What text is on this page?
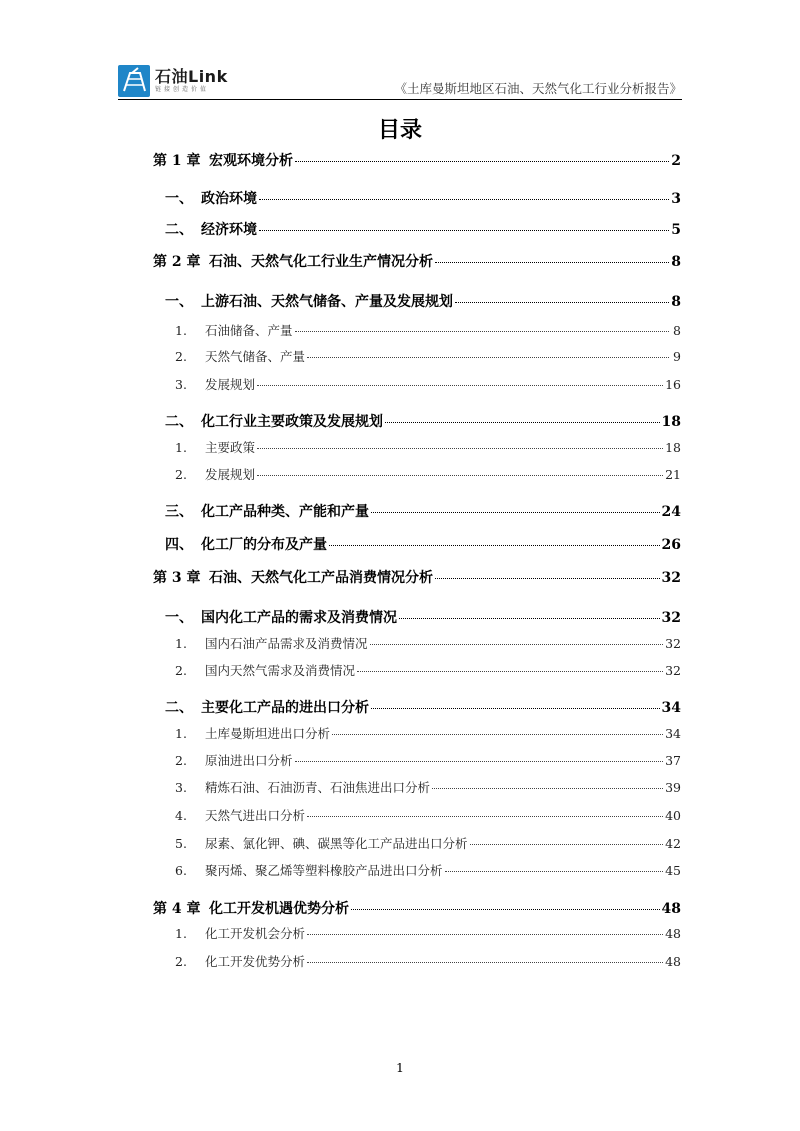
石油Link
链接创造价值	《土库曼斯坦地区石油、天然气化工行业分析报告》
目录
第 1 章 宏观环境分析	2
一、 政治环境	3
二、 经济环境	5
第 2 章 石油、天然气化工行业生产情况分析	8
一、 上游石油、天然气储备、产量及发展规划	8
1.	石油储备、产量	8
2.	天然气储备、产量	9
3.	发展规划	16
二、 化工行业主要政策及发展规划	18
1.	主要政策	18
2.	发展规划	21
三、 化工产品种类、产能和产量	24
四、 化工厂的分布及产量	26
第 3 章 石油、天然气化工产品消费情况分析	32
一、 国内化工产品的需求及消费情况	32
1.	国内石油产品需求及消费情况	32
2.	国内天然气需求及消费情况	32
二、 主要化工产品的进出口分析	34
1.	土库曼斯坦进出口分析	34
2.	原油进出口分析	37
3.	精炼石油、石油沥青、石油焦进出口分析	39
4.	天然气进出口分析	40
5.	尿素、氯化钾、碘、碳黑等化工产品进出口分析	42
6.	聚丙烯、聚乙烯等塑料橡胶产品进出口分析	45
第 4 章 化工开发机遇优势分析	48
1.	化工开发机会分析	48
2.	化工开发优势分析	48
1
